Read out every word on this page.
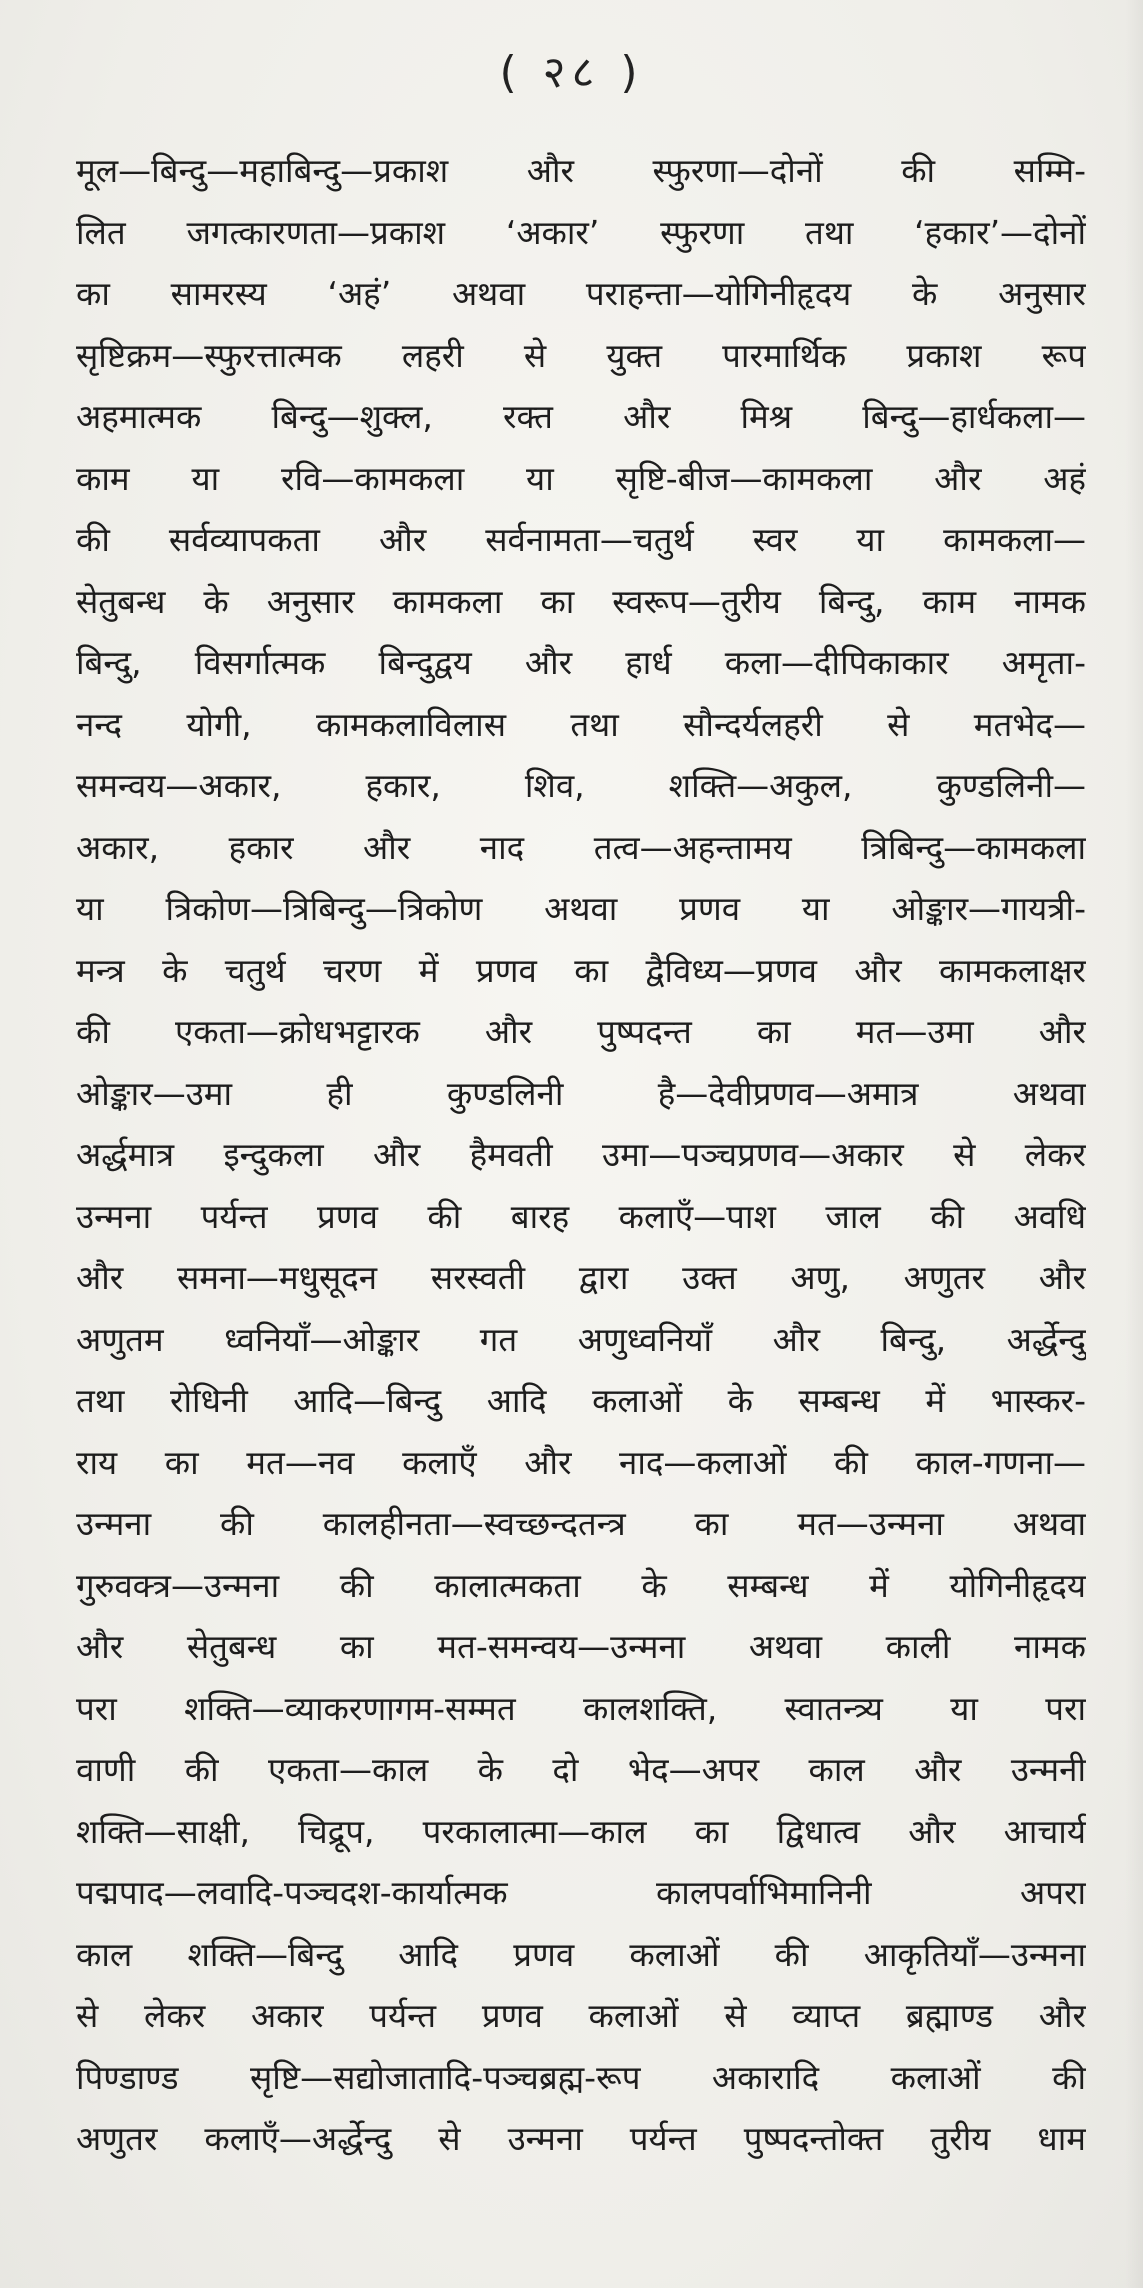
( २८ )
मूल—बिन्दु—महाबिन्दु—प्रकाश और स्फुरणा—दोनों की सम्मि-
लित जगत्कारणता—प्रकाश ‘अकार’ स्फुरणा तथा ‘हकार’—दोनों
का सामरस्य ‘अहं’ अथवा पराहन्ता—योगिनीहृदय के अनुसार
सृष्टिक्रम—स्फुरत्तात्मक लहरी से युक्त पारमार्थिक प्रकाश रूप
अहमात्मक बिन्दु—शुक्ल, रक्त और मिश्र बिन्दु—हार्धकला—
काम या रवि—कामकला या सृष्टि-बीज—कामकला और अहं
की सर्वव्यापकता और सर्वनामता—चतुर्थ स्वर या कामकला—
सेतुबन्ध के अनुसार कामकला का स्वरूप—तुरीय बिन्दु, काम नामक
बिन्दु, विसर्गात्मक बिन्दुद्वय और हार्ध कला—दीपिकाकार अमृता-
नन्द योगी, कामकलाविलास तथा सौन्दर्यलहरी से मतभेद—
समन्वय—अकार, हकार, शिव, शक्ति—अकुल, कुण्डलिनी—
अकार, हकार और नाद तत्व—अहन्तामय त्रिबिन्दु—कामकला
या त्रिकोण—त्रिबिन्दु—त्रिकोण अथवा प्रणव या ओङ्कार—गायत्री-
मन्त्र के चतुर्थ चरण में प्रणव का द्वैविध्य—प्रणव और कामकलाक्षर
की एकता—क्रोधभट्टारक और पुष्पदन्त का मत—उमा और
ओङ्कार—उमा ही कुण्डलिनी है—देवीप्रणव—अमात्र अथवा
अर्द्धमात्र इन्दुकला और हैमवती उमा—पञ्चप्रणव—अकार से लेकर
उन्मना पर्यन्त प्रणव की बारह कलाएँ—पाश जाल की अवधि
और समना—मधुसूदन सरस्वती द्वारा उक्त अणु, अणुतर और
अणुतम ध्वनियाँ—ओङ्कार गत अणुध्वनियाँ और बिन्दु, अर्द्धेन्दु
तथा रोधिनी आदि—बिन्दु आदि कलाओं के सम्बन्ध में भास्कर-
राय का मत—नव कलाएँ और नाद—कलाओं की काल-गणना—
उन्मना की कालहीनता—स्वच्छन्दतन्त्र का मत—उन्मना अथवा
गुरुवक्त्र—उन्मना की कालात्मकता के सम्बन्ध में योगिनीहृदय
और सेतुबन्ध का मत-समन्वय—उन्मना अथवा काली नामक
परा शक्ति—व्याकरणागम-सम्मत कालशक्ति, स्वातन्त्र्य या परा
वाणी की एकता—काल के दो भेद—अपर काल और उन्मनी
शक्ति—साक्षी, चिद्रूप, परकालात्मा—काल का द्विधात्व और आचार्य
पद्मपाद—लवादि-पञ्चदश-कार्यात्मक कालपर्वाभिमानिनी अपरा
काल शक्ति—बिन्दु आदि प्रणव कलाओं की आकृतियाँ—उन्मना
से लेकर अकार पर्यन्त प्रणव कलाओं से व्याप्त ब्रह्माण्ड और
पिण्डाण्ड सृष्टि—सद्योजातादि-पञ्चब्रह्म-रूप अकारादि कलाओं की
अणुतर कलाएँ—अर्द्धेन्दु से उन्मना पर्यन्त पुष्पदन्तोक्त तुरीय धाम
